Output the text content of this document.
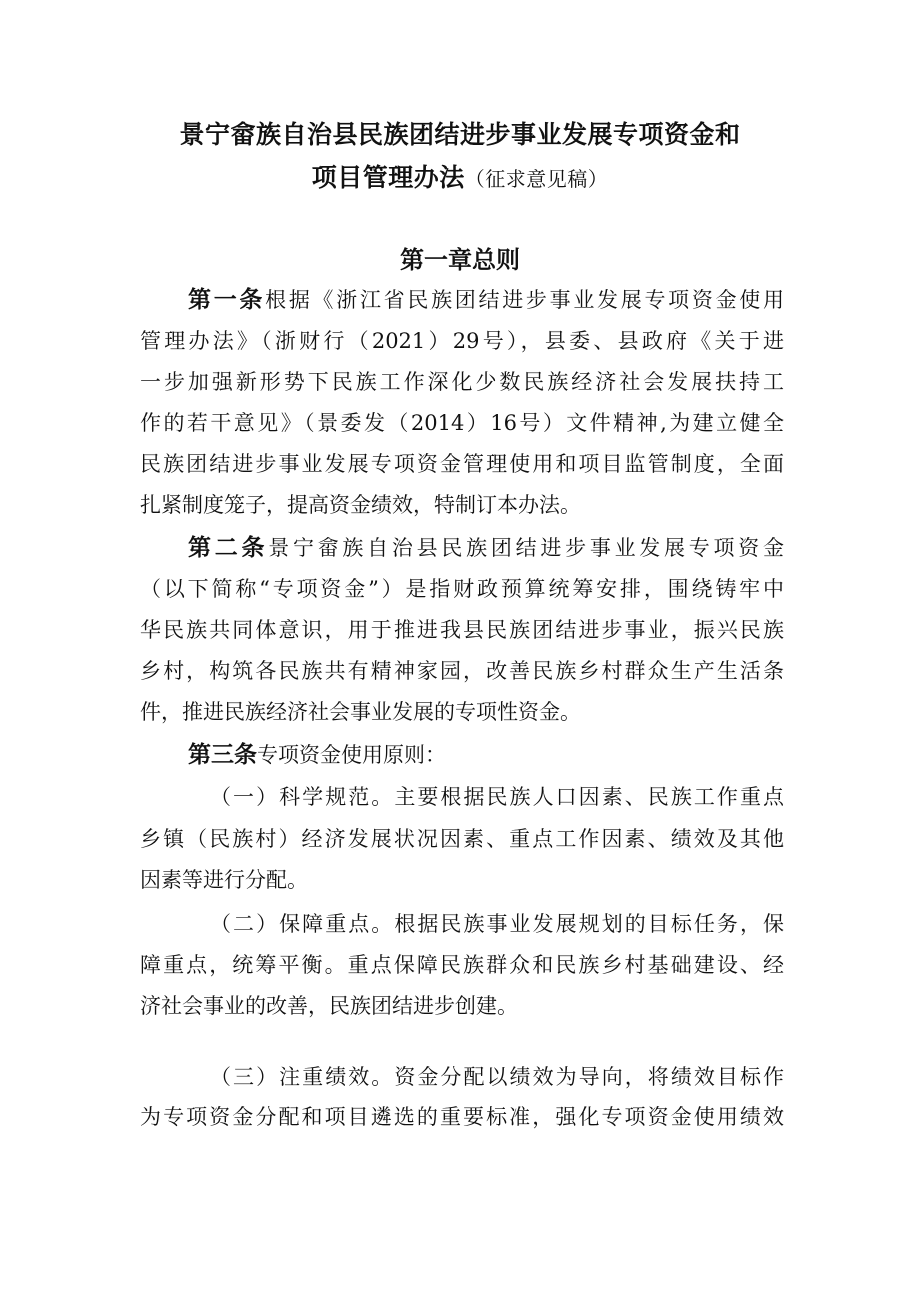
景宁畲族自治县民族团结进步事业发展专项资金和
项目管理办法（征求意见稿）
第一章总则
第一条根据《浙江省民族团结进步事业发展专项资金使用
管理办法》（浙财行（2021）29号），县委、县政府《关于进
一步加强新形势下民族工作深化少数民族经济社会发展扶持工
作的若干意见》（景委发（2014）16号）文件精神,为建立健全
民族团结进步事业发展专项资金管理使用和项目监管制度，全面
扎紧制度笼子，提高资金绩效，特制订本办法。
第二条景宁畲族自治县民族团结进步事业发展专项资金
（以下简称“专项资金”）是指财政预算统筹安排，围绕铸牢中
华民族共同体意识，用于推进我县民族团结进步事业，振兴民族
乡村，构筑各民族共有精神家园，改善民族乡村群众生产生活条
件，推进民族经济社会事业发展的专项性资金。
第三条专项资金使用原则：
（一）科学规范。主要根据民族人口因素、民族工作重点
乡镇（民族村）经济发展状况因素、重点工作因素、绩效及其他
因素等进行分配。
（二）保障重点。根据民族事业发展规划的目标任务，保
障重点，统筹平衡。重点保障民族群众和民族乡村基础建设、经
济社会事业的改善，民族团结进步创建。
（三）注重绩效。资金分配以绩效为导向，将绩效目标作
为专项资金分配和项目遴选的重要标准，强化专项资金使用绩效
